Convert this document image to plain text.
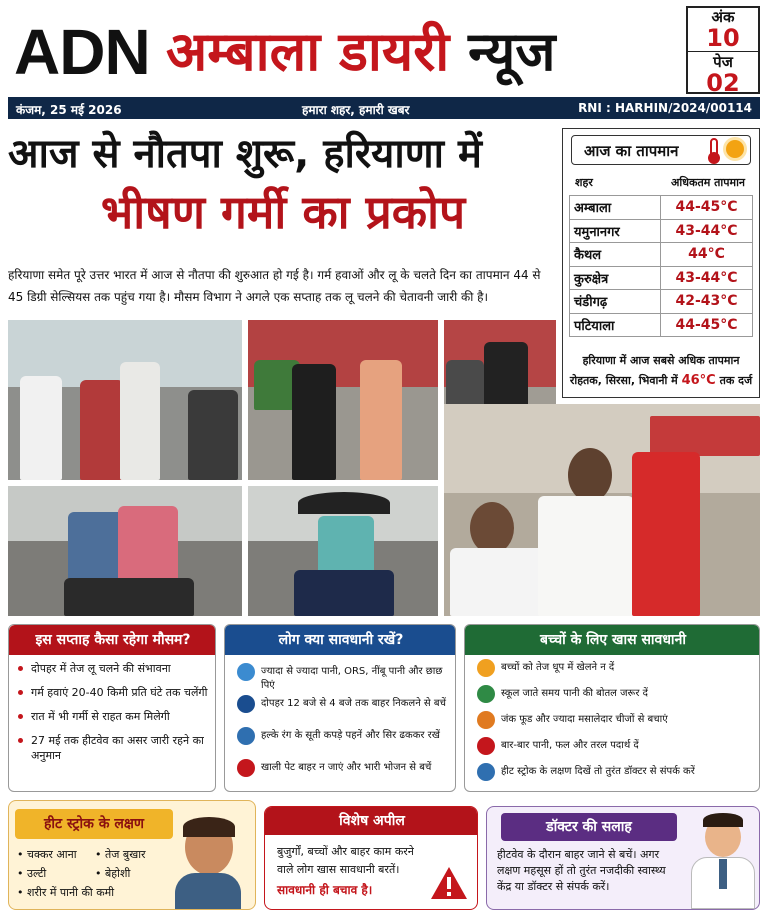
ADN अम्बाला डायरी न्यूज
अंक
10
पेज
02
कंजम, 25 मई 2026	हमारा शहर, हमारी खबर	RNI : HARHIN/2024/00114
आज से नौतपा शुरू, हरियाणा में
भीषण गर्मी का प्रकोप
हरियाणा समेत पूरे उत्तर भारत में आज से नौतपा की शुरुआत हो गई है। गर्म हवाओं और लू के चलते दिन का तापमान 44 से 45 डिग्री सेल्सियस तक पहुंच गया है। मौसम विभाग ने अगले एक सप्ताह तक लू चलने की चेतावनी जारी की है।
आज का तापमान
शहर	अधिकतम तापमान
अम्बाला	44-45°C
यमुनानगर	43-44°C
कैथल	44°C
कुरुक्षेत्र	43-44°C
चंडीगढ़	42-43°C
पटियाला	44-45°C
हरियाणा में आज सबसे अधिक तापमान
रोहतक, सिरसा, भिवानी में 46°C तक दर्ज
इस सप्ताह कैसा रहेगा मौसम?
दोपहर में तेज लू चलने की संभावना
गर्म हवाएं 20-40 किमी प्रति घंटे तक चलेंगी
रात में भी गर्मी से राहत कम मिलेगी
27 मई तक हीटवेव का असर जारी रहने का अनुमान
लोग क्या सावधानी रखें?
ज्यादा से ज्यादा पानी, ORS, नींबू पानी और छाछ पिएं
दोपहर 12 बजे से 4 बजे तक बाहर निकलने से बचें
हल्के रंग के सूती कपड़े पहनें और सिर ढककर रखें
खाली पेट बाहर न जाएं और भारी भोजन से बचें
बच्चों के लिए खास सावधानी
बच्चों को तेज धूप में खेलने न दें
स्कूल जाते समय पानी की बोतल जरूर दें
जंक फूड और ज्यादा मसालेदार चीजों से बचाएं
बार-बार पानी, फल और तरल पदार्थ दें
हीट स्ट्रोक के लक्षण दिखें तो तुरंत डॉक्टर से संपर्क करें
हीट स्ट्रोक के लक्षण
• चक्कर आना • तेज बुखार
• उल्टी	• बेहोशी
• शरीर में पानी की कमी
विशेष अपील
बुजुर्गों, बच्चों और बाहर काम करने वाले लोग खास सावधानी बरतें।
सावधानी ही बचाव है।
डॉक्टर की सलाह
हीटवेव के दौरान बाहर जाने से बचें। अगर लक्षण महसूस हों तो तुरंत नजदीकी स्वास्थ्य केंद्र या डॉक्टर से संपर्क करें।
